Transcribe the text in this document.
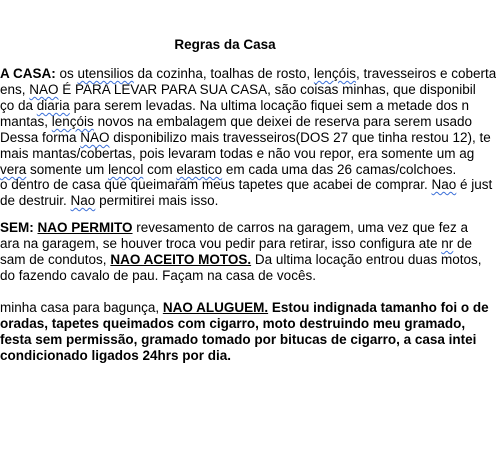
Regras da Casa
A CASA: os utensilios da cozinha, toalhas de rosto, lençóis, travesseiros e coberta
ens, NAO É PARA LEVAR PARA SUA CASA, são coisas minhas, que disponibil
ço da diaria para serem levadas. Na ultima locação fiquei sem a metade dos n
mantas, lençóis novos na embalagem que deixei de reserva para serem usado
Dessa forma NAO disponibilizo mais travesseiros(DOS 27 que tinha restou 12), te
mais mantas/cobertas, pois levaram todas e não vou repor, era somente um ag
vera somente um lencol com elastico em cada uma das 26 camas/colchoes.
o dentro de casa que queimaram meus tapetes que acabei de comprar. Nao é just
de destruir. Nao permitirei mais isso.
SEM: NAO PERMITO revesamento de carros na garagem, uma vez que fez a
ara na garagem, se houver troca vou pedir para retirar, isso configura ate nr de
sam de condutos, NAO ACEITO MOTOS. Da ultima locação entrou duas motos,
do fazendo cavalo de pau. Façam na casa de vocês.
minha casa para bagunça, NAO ALUGUEM. Estou indignada tamanho foi o de
oradas, tapetes queimados com cigarro, moto destruindo meu gramado,
festa sem permissão, gramado tomado por bitucas de cigarro, a casa intei
condicionado ligados 24hrs por dia.
